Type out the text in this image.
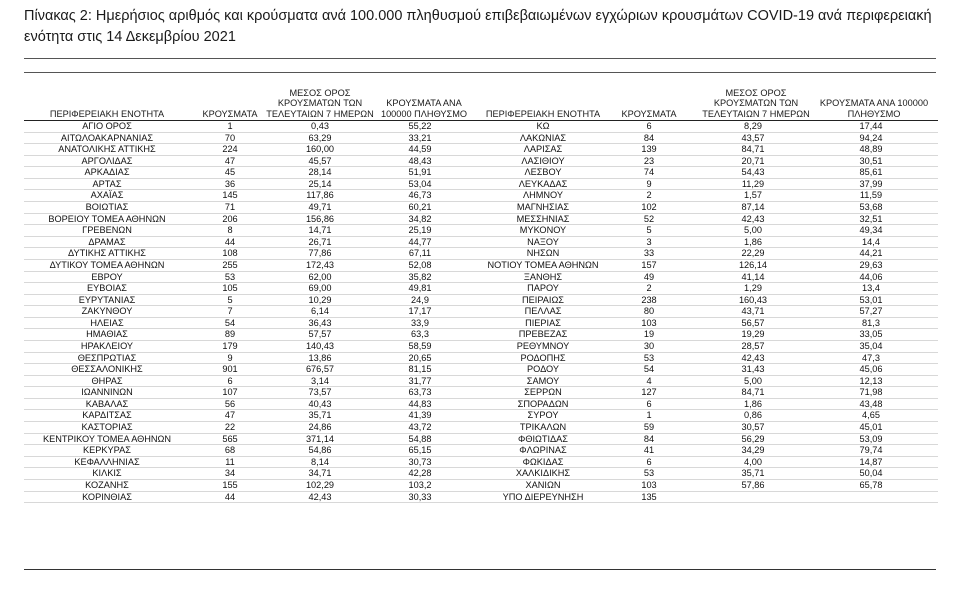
Πίνακας 2: Ημερήσιος αριθμός και κρούσματα ανά 100.000 πληθυσμού επιβεβαιωμένων εγχώριων κρουσμάτων COVID-19 ανά περιφερειακή ενότητα στις 14 Δεκεμβρίου 2021
ΠΕΡΙΦΕΡΕΙΑΚΗ ΕΝΟΤΗΤΑ	ΚΡΟΥΣΜΑΤΑ
ΜΕΣΟΣ ΟΡΟΣ ΚΡΟΥΣΜΑΤΩΝ ΤΩΝ ΤΕΛΕΥΤΑΙΩΝ 7 ΗΜΕΡΩΝ
ΚΡΟΥΣΜΑΤΑ ΑΝΑ 100000 ΠΛΗΘΥΣΜΟ
ΑΓΙΟ ΟΡΟΣ	1	0,43	55,22
ΑΙΤΩΛΟΑΚΑΡΝΑΝΙΑΣ	70	63,29	33,21
ΑΝΑΤΟΛΙΚΗΣ ΑΤΤΙΚΗΣ	224	160,00	44,59
ΑΡΓΟΛΙΔΑΣ	47	45,57	48,43
ΑΡΚΑΔΙΑΣ	45	28,14	51,91
ΑΡΤΑΣ	36	25,14	53,04
ΑΧΑΪΑΣ	145	117,86	46,73
ΒΟΙΩΤΙΑΣ	71	49,71	60,21
ΒΟΡΕΙΟΥ ΤΟΜΕΑ ΑΘΗΝΩΝ	206	156,86	34,82
ΓΡΕΒΕΝΩΝ	8	14,71	25,19
ΔΡΑΜΑΣ	44	26,71	44,77
ΔΥΤΙΚΗΣ ΑΤΤΙΚΗΣ	108	77,86	67,11
ΔΥΤΙΚΟΥ ΤΟΜΕΑ ΑΘΗΝΩΝ	255	172,43	52,08
ΕΒΡΟΥ	53	62,00	35,82
ΕΥΒΟΙΑΣ	105	69,00	49,81
ΕΥΡΥΤΑΝΙΑΣ	5	10,29	24,9
ΖΑΚΥΝΘΟΥ	7	6,14	17,17
ΗΛΕΙΑΣ	54	36,43	33,9
ΗΜΑΘΙΑΣ	89	57,57	63,3
ΗΡΑΚΛΕΙΟΥ	179	140,43	58,59
ΘΕΣΠΡΩΤΙΑΣ	9	13,86	20,65
ΘΕΣΣΑΛΟΝΙΚΗΣ	901	676,57	81,15
ΘΗΡΑΣ	6	3,14	31,77
ΙΩΑΝΝΙΝΩΝ	107	73,57	63,73
ΚΑΒΑΛΑΣ	56	40,43	44,83
ΚΑΡΔΙΤΣΑΣ	47	35,71	41,39
ΚΑΣΤΟΡΙΑΣ	22	24,86	43,72
ΚΕΝΤΡΙΚΟΥ ΤΟΜΕΑ ΑΘΗΝΩΝ	565	371,14	54,88
ΚΕΡΚΥΡΑΣ	68	54,86	65,15
ΚΕΦΑΛΛΗΝΙΑΣ	11	8,14	30,73
ΚΙΛΚΙΣ	34	34,71	42,28
ΚΟΖΑΝΗΣ	155	102,29	103,2
ΚΟΡΙΝΘΙΑΣ	44	42,43	30,33
ΠΕΡΙΦΕΡΕΙΑΚΗ ΕΝΟΤΗΤΑ	ΚΡΟΥΣΜΑΤΑ
ΜΕΣΟΣ ΟΡΟΣ ΚΡΟΥΣΜΑΤΩΝ ΤΩΝ ΤΕΛΕΥΤΑΙΩΝ 7 ΗΜΕΡΩΝ
ΚΡΟΥΣΜΑΤΑ ΑΝΑ 100000 ΠΛΗΘΥΣΜΟ
ΚΩ	6	8,29	17,44
ΛΑΚΩΝΙΑΣ	84	43,57	94,24
ΛΑΡΙΣΑΣ	139	84,71	48,89
ΛΑΣΙΘΙΟΥ	23	20,71	30,51
ΛΕΣΒΟΥ	74	54,43	85,61
ΛΕΥΚΑΔΑΣ	9	11,29	37,99
ΛΗΜΝΟΥ	2	1,57	11,59
ΜΑΓΝΗΣΙΑΣ	102	87,14	53,68
ΜΕΣΣΗΝΙΑΣ	52	42,43	32,51
ΜΥΚΟΝΟΥ	5	5,00	49,34
ΝΑΞΟΥ	3	1,86	14,4
ΝΗΣΩΝ	33	22,29	44,21
ΝΟΤΙΟΥ ΤΟΜΕΑ ΑΘΗΝΩΝ	157	126,14	29,63
ΞΑΝΘΗΣ	49	41,14	44,06
ΠΑΡΟΥ	2	1,29	13,4
ΠΕΙΡΑΙΩΣ	238	160,43	53,01
ΠΕΛΛΑΣ	80	43,71	57,27
ΠΙΕΡΙΑΣ	103	56,57	81,3
ΠΡΕΒΕΖΑΣ	19	19,29	33,05
ΡΕΘΥΜΝΟΥ	30	28,57	35,04
ΡΟΔΟΠΗΣ	53	42,43	47,3
ΡΟΔΟΥ	54	31,43	45,06
ΣΑΜΟΥ	4	5,00	12,13
ΣΕΡΡΩΝ	127	84,71	71,98
ΣΠΟΡΑΔΩΝ	6	1,86	43,48
ΣΥΡΟΥ	1	0,86	4,65
ΤΡΙΚΑΛΩΝ	59	30,57	45,01
ΦΘΙΩΤΙΔΑΣ	84	56,29	53,09
ΦΛΩΡΙΝΑΣ	41	34,29	79,74
ΦΩΚΙΔΑΣ	6	4,00	14,87
ΧΑΛΚΙΔΙΚΗΣ	53	35,71	50,04
ΧΑΝΙΩΝ	103	57,86	65,78
ΥΠΟ ΔΙΕΡΕΥΝΗΣΗ	135
